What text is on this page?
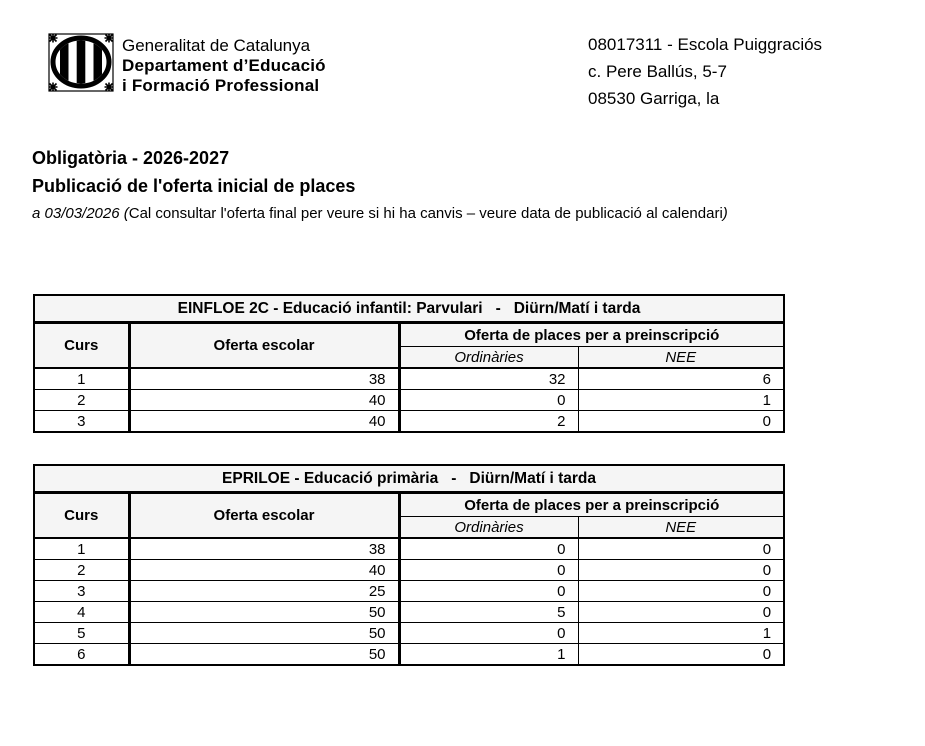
Generalitat de Catalunya
Departament d’Educació
i Formació Professional
08017311 - Escola Puiggraciós
c. Pere Ballús, 5-7
08530 Garriga, la
Obligatòria - 2026-2027
Publicació de l'oferta inicial de places
a 03/03/2026 (Cal consultar l'oferta final per veure si hi ha canvis – veure data de publicació al calendari)
EINFLOE 2C - Educació infantil: Parvulari - Diürn/Matí i tarda			
Curs	Oferta escolar	Oferta de places per a preinscripció	
		Ordinàries	NEE
1	38	32	6
2	40	0	1
3	40	2	0
EPRILOE - Educació primària - Diürn/Matí i tarda			
Curs	Oferta escolar	Oferta de places per a preinscripció	
		Ordinàries	NEE
1	38	0	0
2	40	0	0
3	25	0	0
4	50	5	0
5	50	0	1
6	50	1	0
